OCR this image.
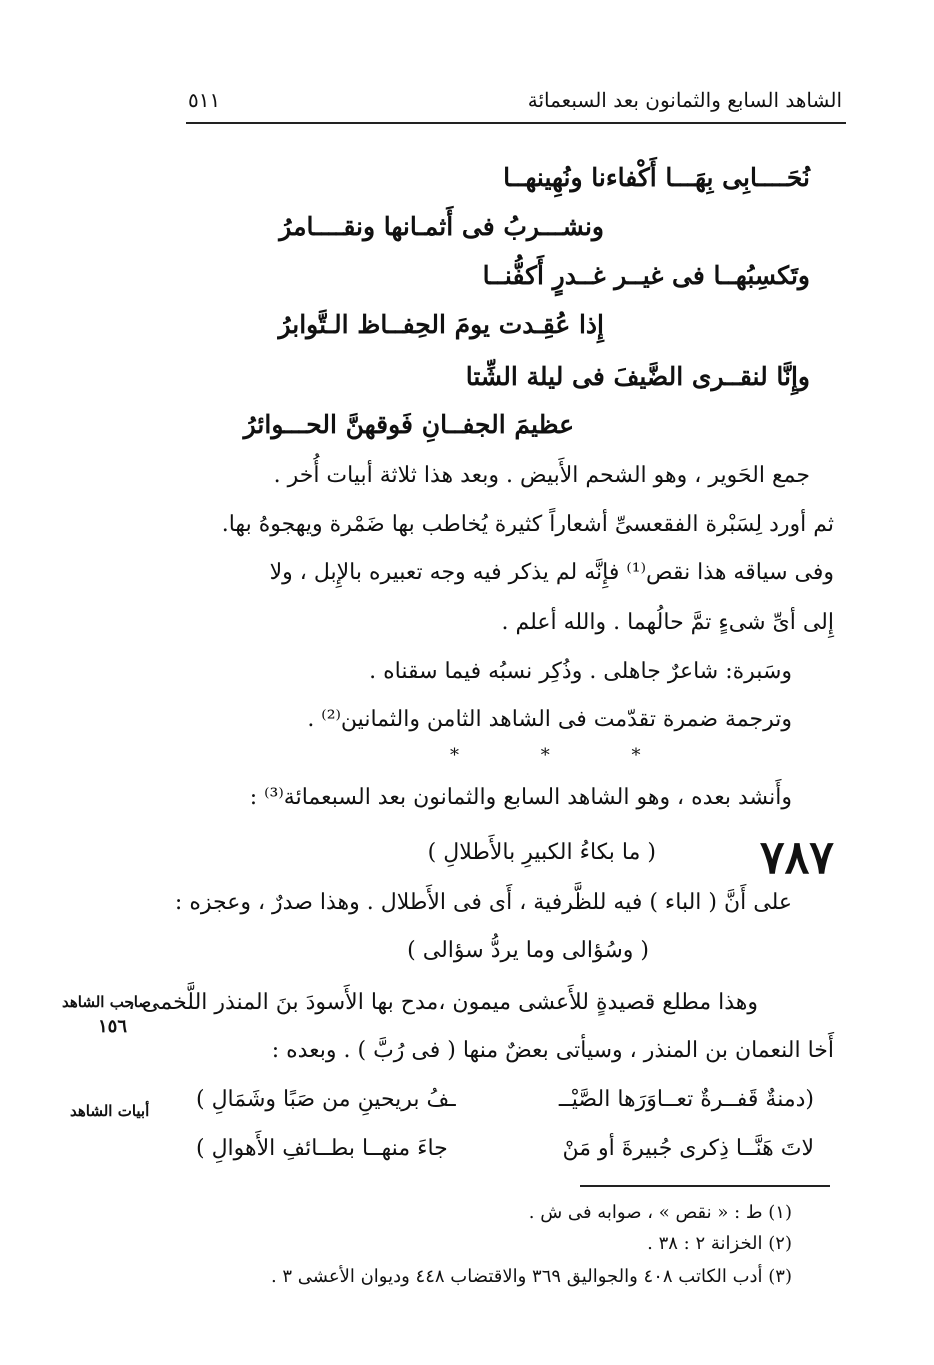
الشاهد السابع والثمانون بعد السبعمائة
٥١١
نُحَــــابِى بِهَـــا أَكْفاءنا ونُهِينهــا
ونشـــربُ فى أَثمـانها ونقــــامرُ
وتَكسِبُهــا فى غيــر غــدرٍ أَكفُّنــا
إِذا عُقِـدت يومَ الحِفــاظ الـتَّوابرُ
وإِنَّا لنقــرى الضَّيفَ فى ليلة الشِّتا
عظيمَ الجفــانِ فَوقهنَّ الحـــوائرُ
جمع الحَوير ، وهو الشحم الأَبيض . وبعد هذا ثلاثة أبيات أُخر .
ثم أورد لِسَبْرة الفقعسىِّ أشعاراً كثيرة يُخاطب بها ضَمْرة ويهجوهُ بها.
وفى سياقه هذا نقص⁽¹⁾ فإِنَّه لم يذكر فيه وجه تعبيره بالإِبل ، ولا
إِلى أىِّ شىءٍ تمَّ حالُهما . والله أعلم .
وسَبرة: شاعرٌ جاهلى . وذُكِر نسبُه فيما سقناه .
وترجمة ضمرة تقدّمت فى الشاهد الثامن والثمانين⁽²⁾ .
* * *
وأَنشد بعده ، وهو الشاهد السابع والثمانون بعد السبعمائة⁽³⁾ :
٧٨٧
( ما بكاءُ الكبيرِ بالأَطلالِ )
على أَنَّ ( الباء ) فيه للظَّرفية ، أَى فى الأَطلال . وهذا صدرٌ ، وعجزه :
( وسُؤالى وما يردُّ سؤالى )
وهذا مطلع قصيدةٍ للأَعشى ميمون ،مدح بها الأَسودَ بنَ المنذر اللَّخمى ،
أَخا النعمان بن المنذر ، وسيأتى بعضٌ منها ( فى رُبَّ ) . وبعده :
(دمنةٌ قَفــرةٌ تعــاوَرَها الصَّيْــ
ـفُ بريحينِ من صَبًا وشَمَالِ )
لاتَ هَنَّــا ذِكرى جُبيرةَ أو مَنْ
جاءَ منهــا بطــائفِ الأَهوالِ )
صاحب الشاهد
١٥٦
أبيات الشاهد
(١) ط : « نقص » ، صوابه فى ش .
(٢) الخزانة ٢ : ٣٨ .
(٣) أدب الكاتب ٤٠٨ والجواليق ٣٦٩ والاقتضاب ٤٤٨ وديوان الأعشى ٣ .
